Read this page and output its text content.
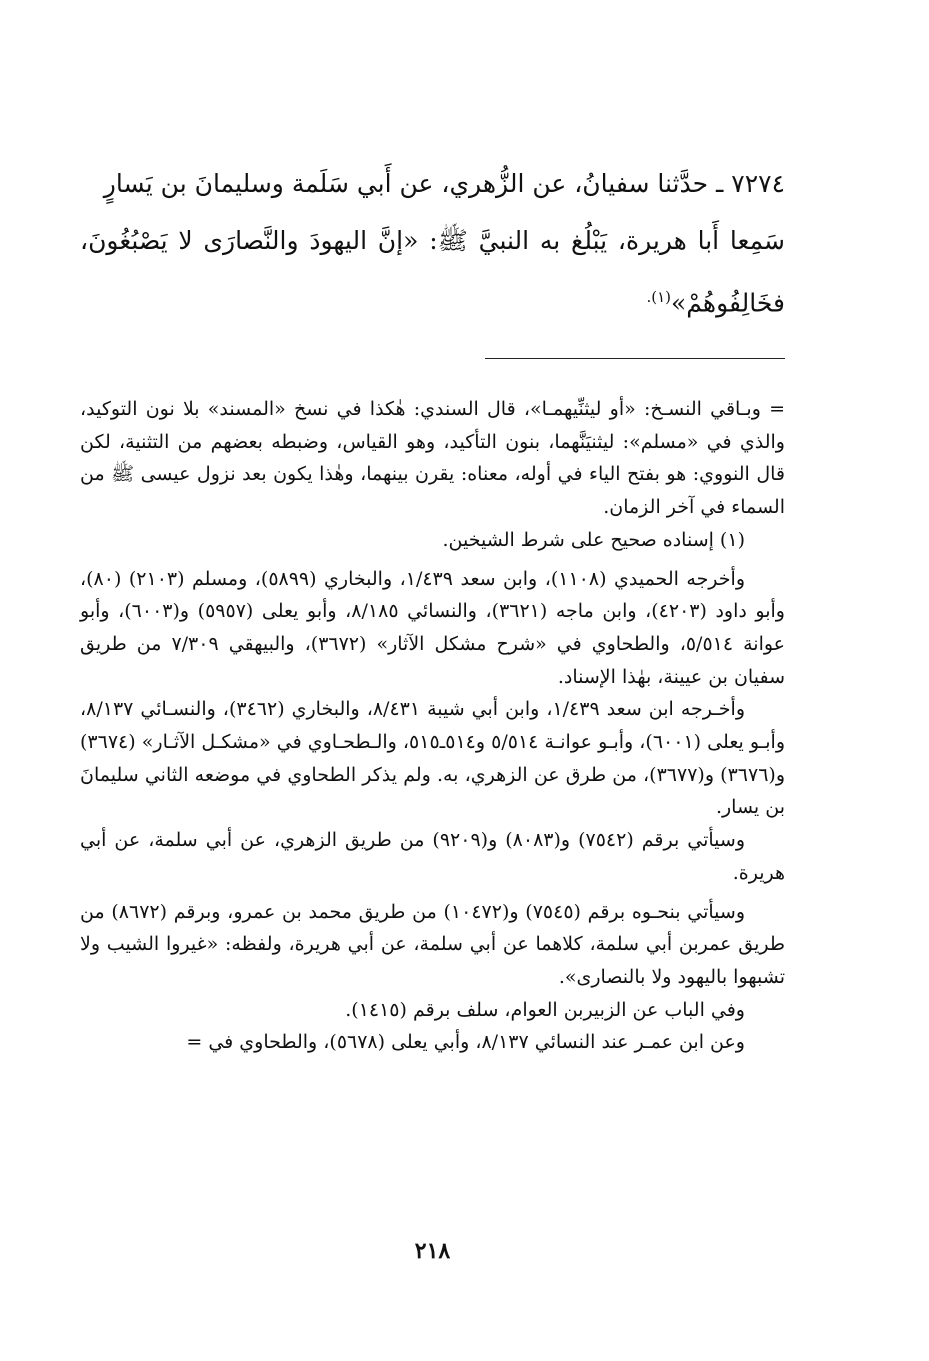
٧٢٧٤ ـ حدَّثنا سفيانُ، عن الزُّهري، عن أَبي سَلَمة وسليمانَ بن يَسارٍ

سَمِعا أَبا هريرة، يَبْلُغ به النبيَّ ﷺ: «إنَّ اليهودَ والنَّصارَى لا يَصْبُغُونَ، فخَالِفُوهُمْ»$^{(١).}$

= وبـاقي النسـخ: «أو ليثنِّيهمـا»، قال السندي: هٰكذا في نسخ «المسند» بلا نون التوكيد، والذي في «مسلم»: ليثنيَنَّهما، بنون التأكيد، وهو القياس، وضبطه بعضهم من التثنية، لكن قال النووي: هو بفتح الياء في أوله، معناه: يقرن بينهما، وهٰذا يكون بعد نزول عيسى ﷺ من السماء في آخر الزمان.

(١) إسناده صحيح على شرط الشيخين.

وأخرجه الحميدي (١١٠٨)، وابن سعد ١/٤٣٩، والبخاري (٥٨٩٩)، ومسلم (٢١٠٣) (٨٠)، وأبو داود (٤٢٠٣)، وابن ماجه (٣٦٢١)، والنسائي ٨/١٨٥، وأبو يعلى (٥٩٥٧) و(٦٠٠٣)، وأبو عوانة ٥/٥١٤، والطحاوي في «شرح مشكل الآثار» (٣٦٧٢)، والبيهقي ٧/٣٠٩ من طريق سفيان بن عيينة، بهٰذا الإسناد.

وأخـرجه ابن سعد ١/٤٣٩، وابن أبي شيبة ٨/٤٣١، والبخاري (٣٤٦٢)، والنسـائي ٨/١٣٧، وأبـو يعلى (٦٠٠١)، وأبـو عوانـة ٥/٥١٤ و٥١٤ـ٥١٥، والـطحـاوي في «مشكـل الآثـار» (٣٦٧٤) و(٣٦٧٦) و(٣٦٧٧)، من طرق عن الزهري، به. ولم يذكر الطحاوي في موضعه الثاني سليمانَ بن يسار.

وسيأتي برقم (٧٥٤٢) و(٨٠٨٣) و(٩٢٠٩) من طريق الزهري، عن أبي سلمة، عن أبي هريرة.

وسيأتي بنحـوه برقم (٧٥٤٥) و(١٠٤٧٢) من طريق محمد بن عمرو، وبرقم (٨٦٧٢) من طريق عمربن أبي سلمة، كلاهما عن أبي سلمة، عن أبي هريرة، ولفظه: «غيروا الشيب ولا تشبهوا باليهود ولا بالنصارى».

وفي الباب عن الزبيربن العوام، سلف برقم (١٤١٥).

وعن ابن عمـر عند النسائي ٨/١٣٧، وأبي يعلى (٥٦٧٨)، والطحاوي في =

٢١٨
